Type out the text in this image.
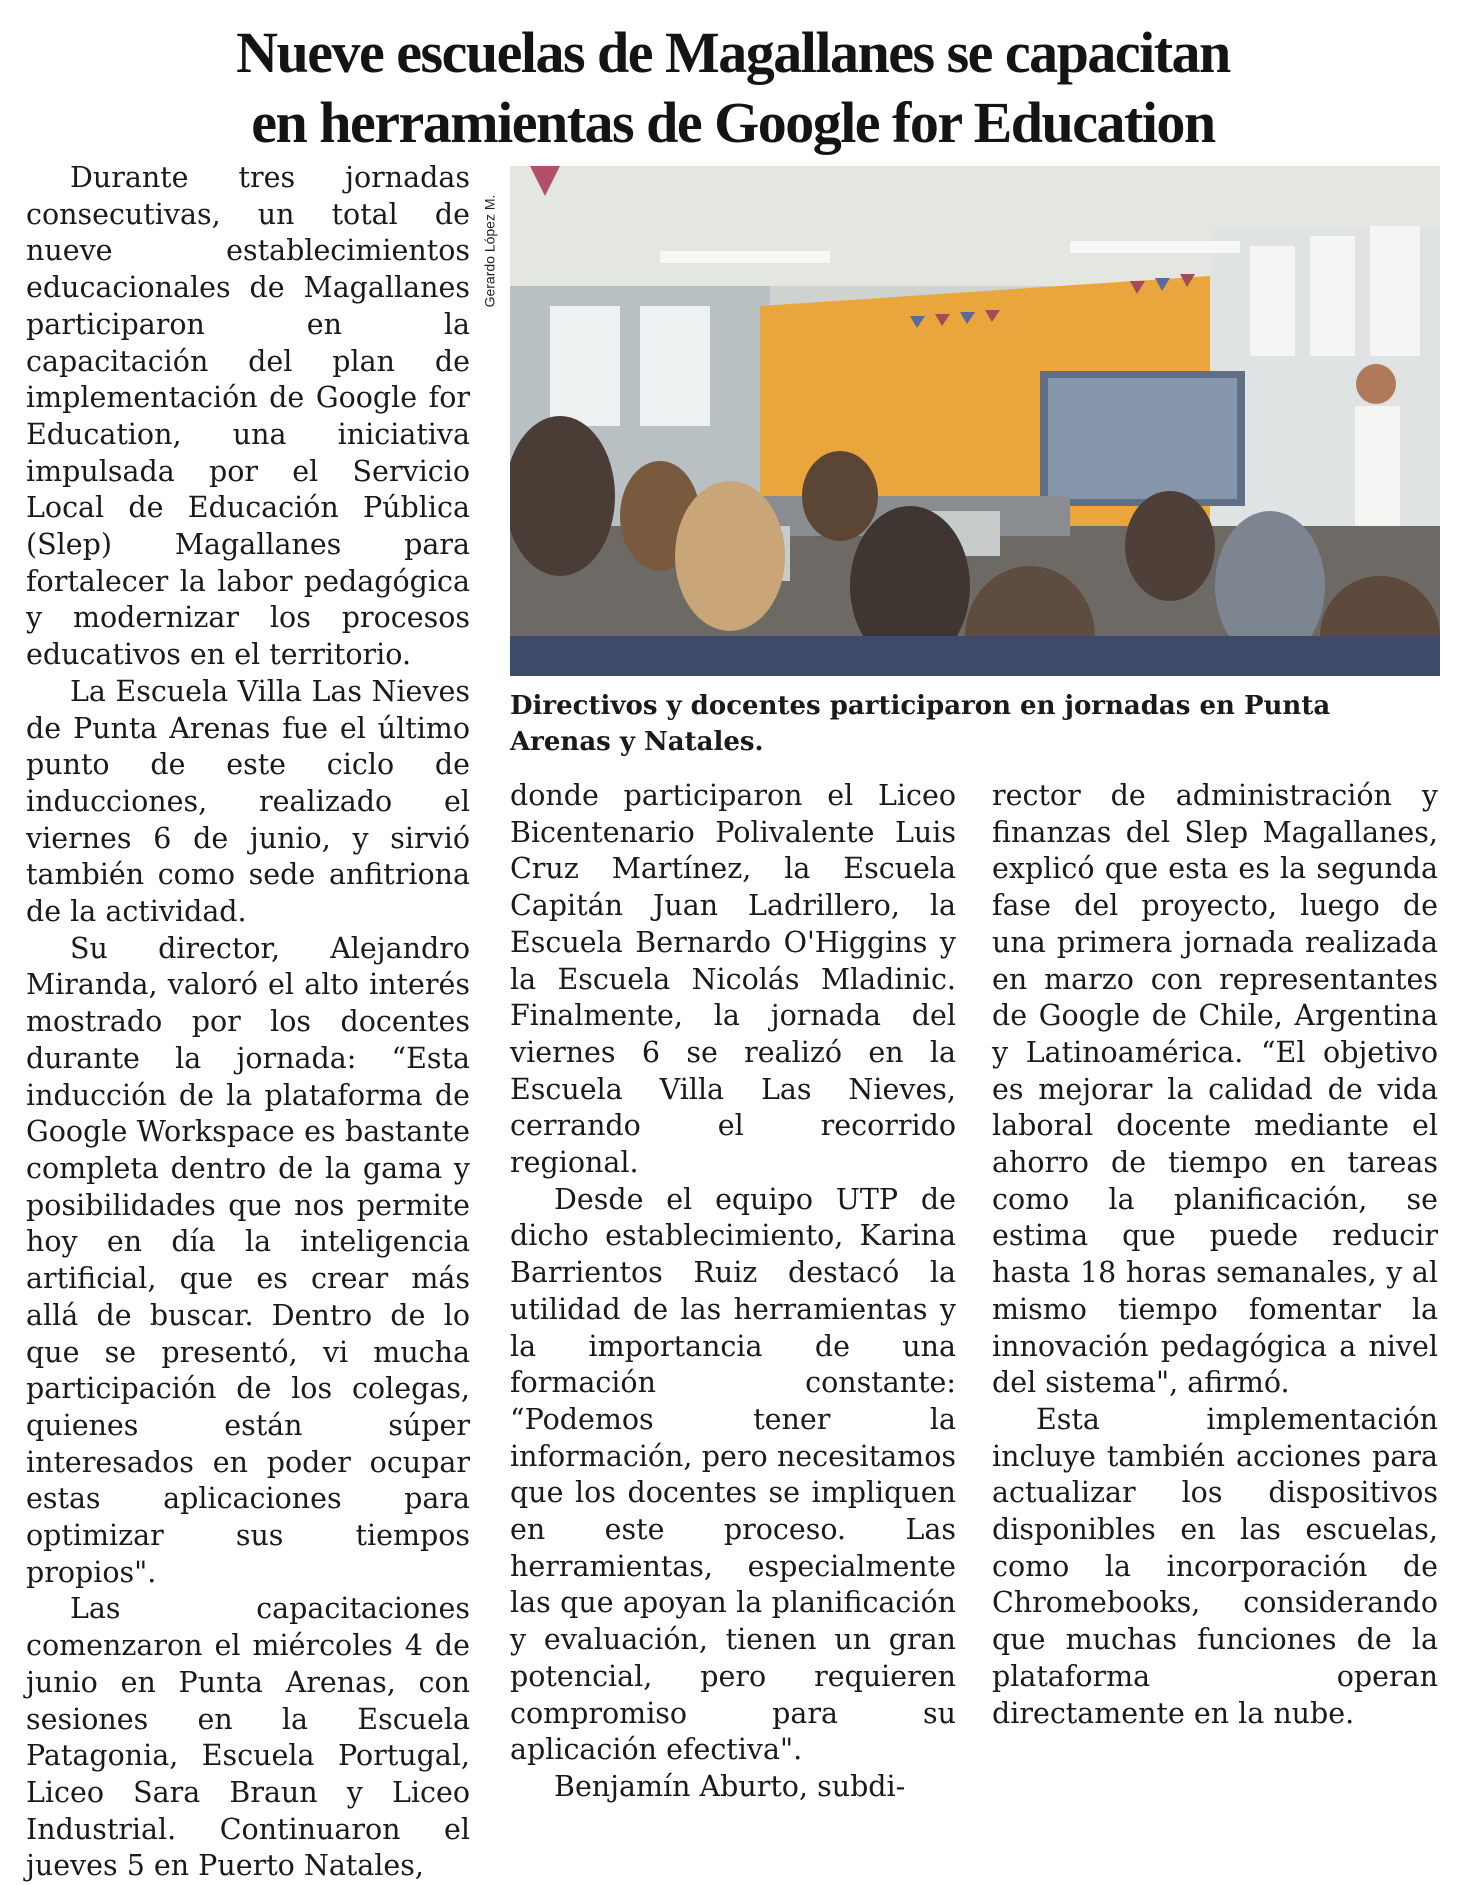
Nueve escuelas de Magallanes se capacitan
en herramientas de Google for Education

Durante tres jornadas consecutivas, un total de nueve establecimientos educacionales de Magallanes participaron en la capacitación del plan de implementación de Google for Education, una iniciativa impulsada por el Servicio Local de Educación Pública (Slep) Magallanes para fortalecer la labor pedagógica y modernizar los procesos educativos en el territorio.

La Escuela Villa Las Nieves de Punta Arenas fue el último punto de este ciclo de inducciones, realizado el viernes 6 de junio, y sirvió también como sede anfitriona de la actividad.

Su director, Alejandro Miranda, valoró el alto interés mostrado por los docentes durante la jornada: “Esta inducción de la plataforma de Google Workspace es bastante completa dentro de la gama y posibilidades que nos permite hoy en día la inteligencia artificial, que es crear más allá de buscar. Dentro de lo que se presentó, vi mucha participación de los colegas, quienes están súper interesados en poder ocupar estas aplicaciones para optimizar sus tiempos propios".

Las capacitaciones comenzaron el miércoles 4 de junio en Punta Arenas, con sesiones en la Escuela Patagonia, Escuela Portugal, Liceo Sara Braun y Liceo Industrial. Continuaron el jueves 5 en Puerto Natales,

Gerardo López M.

Directivos y docentes participaron en jornadas en Punta Arenas y Natales.

donde participaron el Liceo Bicentenario Polivalente Luis Cruz Martínez, la Escuela Capitán Juan Ladrillero, la Escuela Bernardo O'Higgins y la Escuela Nicolás Mladinic. Finalmente, la jornada del viernes 6 se realizó en la Escuela Villa Las Nieves, cerrando el recorrido regional.

Desde el equipo UTP de dicho establecimiento, Karina Barrientos Ruiz destacó la utilidad de las herramientas y la importancia de una formación constante: “Podemos tener la información, pero necesitamos que los docentes se impliquen en este proceso. Las herramientas, especialmente las que apoyan la planificación y evaluación, tienen un gran potencial, pero requieren compromiso para su aplicación efectiva".

Benjamín Aburto, subdi-

rector de administración y finanzas del Slep Magallanes, explicó que esta es la segunda fase del proyecto, luego de una primera jornada realizada en marzo con representantes de Google de Chile, Argentina y Latinoamérica. “El objetivo es mejorar la calidad de vida laboral docente mediante el ahorro de tiempo en tareas como la planificación, se estima que puede reducir hasta 18 horas semanales, y al mismo tiempo fomentar la innovación pedagógica a nivel del sistema", afirmó.

Esta implementación incluye también acciones para actualizar los dispositivos disponibles en las escuelas, como la incorporación de Chromebooks, considerando que muchas funciones de la plataforma operan directamente en la nube.
